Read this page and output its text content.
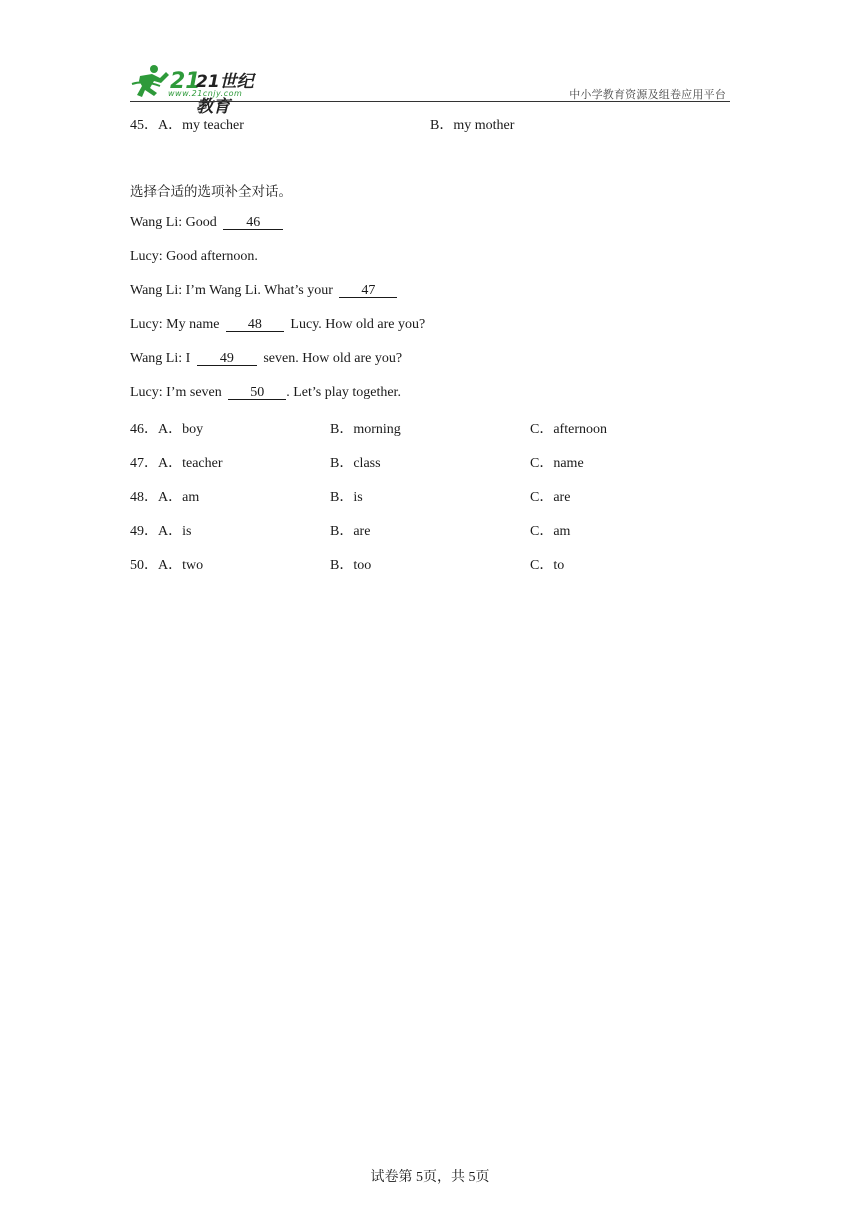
21
21世纪教育
www.21cnjy.com	中小学教育资源及组卷应用平台
45．A．my teacher	B．my mother
选择合适的选项补全对话。
Wang Li: Good 46
Lucy: Good afternoon.
Wang Li: I’m Wang Li. What’s your 47
Lucy: My name 48 Lucy. How old are you?
Wang Li: I 49 seven. How old are you?
Lucy: I’m seven 50 . Let’s play together.
46．A．boy	B．morning	C．afternoon
47．A．teacher	B．class	C．name
48．A．am	B．is	C．are
49．A．is	B．are	C．am
50．A．two	B．too	C．to
试卷第 5页，共 5页
